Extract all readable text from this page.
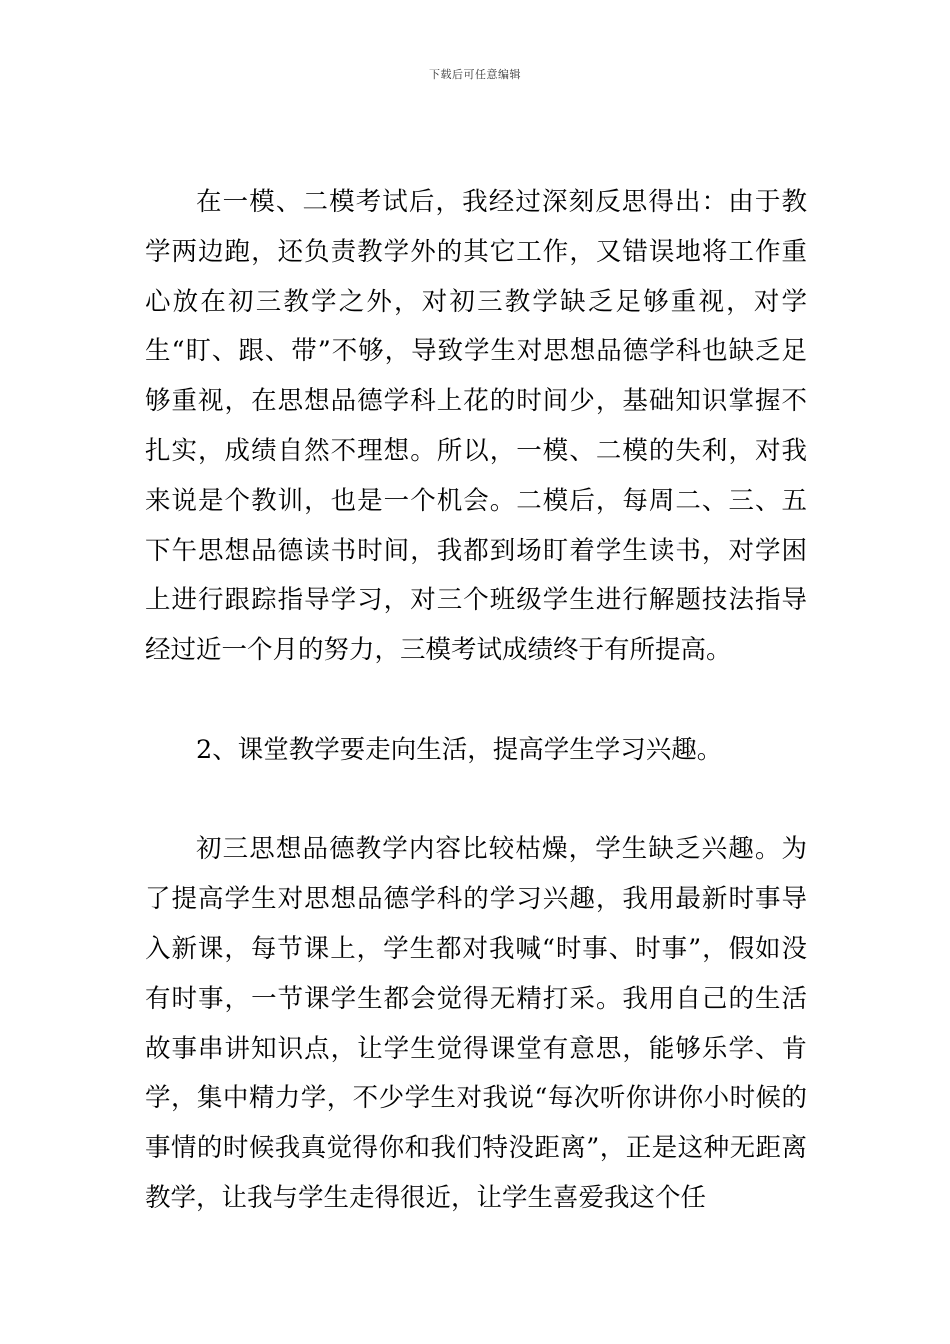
下载后可任意编辑

在一模、二模考试后，我经过深刻反思得出：由于教学两边跑，还负责教学外的其它工作，又错误地将工作重心放在初三教学之外，对初三教学缺乏足够重视，对学生“盯、跟、带”不够，导致学生对思想品德学科也缺乏足够重视，在思想品德学科上花的时间少，基础知识掌握不扎实，成绩自然不理想。所以，一模、二模的失利，对我来说是个教训，也是一个机会。二模后，每周二、三、五下午思想品德读书时间，我都到场盯着学生读书，对学困上进行跟踪指导学习，对三个班级学生进行解题技法指导经过近一个月的努力，三模考试成绩终于有所提高。

2、课堂教学要走向生活，提高学生学习兴趣。

初三思想品德教学内容比较枯燥，学生缺乏兴趣。为了提高学生对思想品德学科的学习兴趣，我用最新时事导入新课，每节课上，学生都对我喊“时事、时事”，假如没有时事，一节课学生都会觉得无精打采。我用自己的生活故事串讲知识点，让学生觉得课堂有意思，能够乐学、肯学，集中精力学，不少学生对我说“每次听你讲你小时候的事情的时候我真觉得你和我们特没距离”，正是这种无距离教学，让我与学生走得很近，让学生喜爱我这个任
